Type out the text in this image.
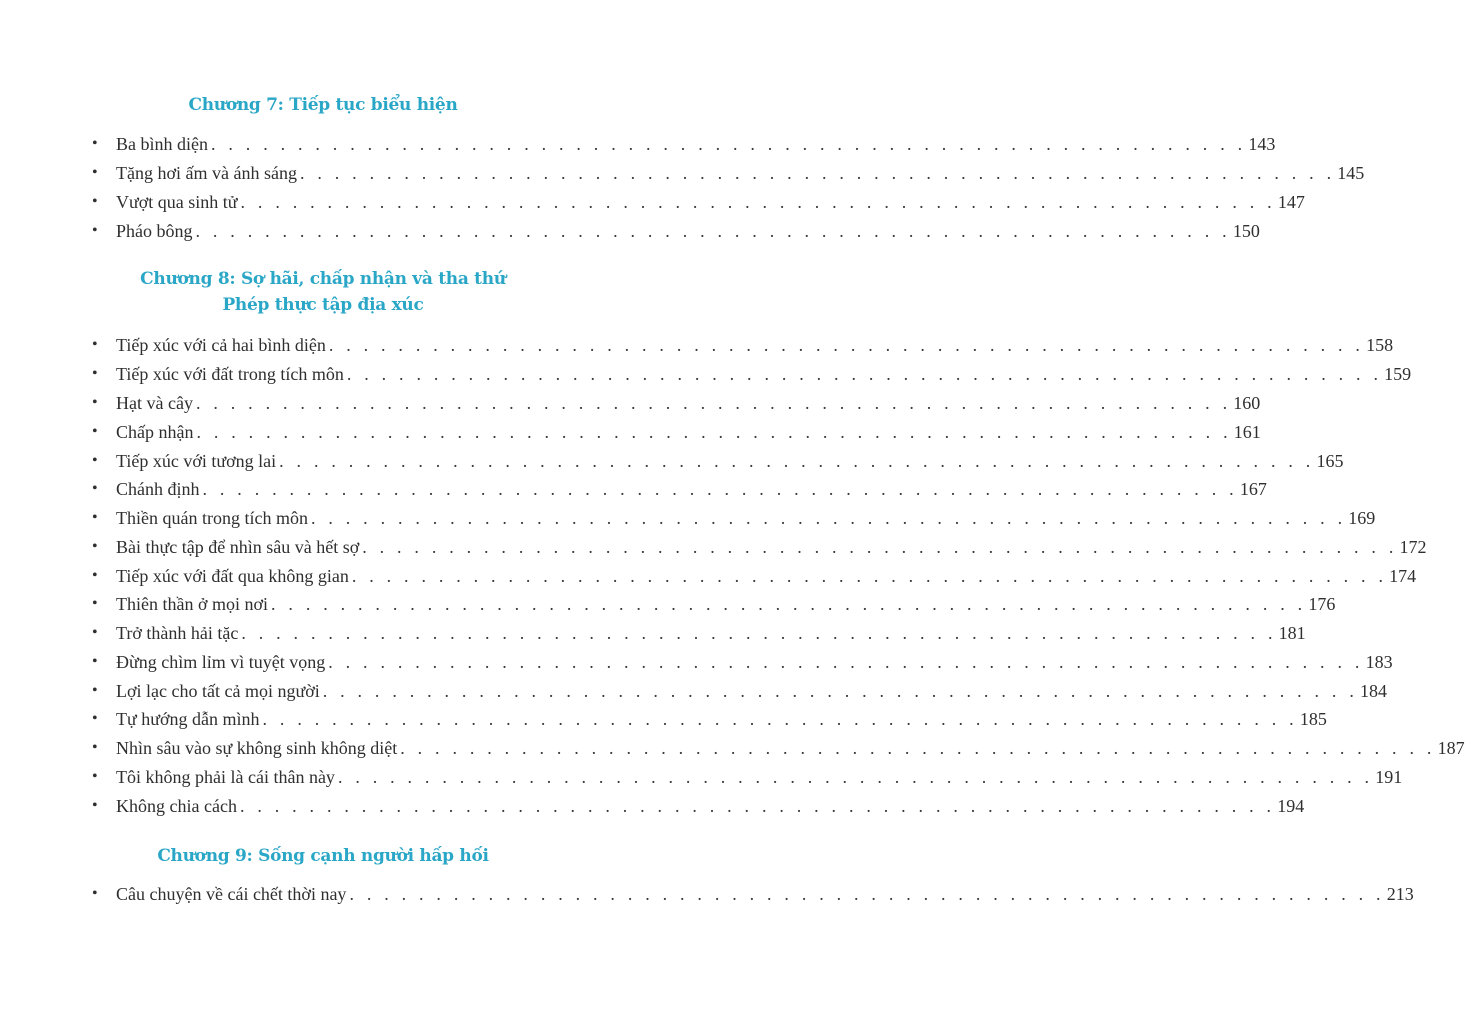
Chương 7: Tiếp tục biểu hiện
•	Ba bình diện . . . . . . . . . . . . . . . . . . . . . . . . . . . . . . . . . . . . . . . . . . . . . . . . . . . . . . . . . . . . 143
•	Tặng hơi ấm và ánh sáng . . . . . . . . . . . . . . . . . . . . . . . . . . . . . . . . . . . . . . . . . . . . . . . . . . . . . . . . . . . . 145
•	Vượt qua sinh tử . . . . . . . . . . . . . . . . . . . . . . . . . . . . . . . . . . . . . . . . . . . . . . . . . . . . . . . . . . . . 147
•	Pháo bông . . . . . . . . . . . . . . . . . . . . . . . . . . . . . . . . . . . . . . . . . . . . . . . . . . . . . . . . . . . . 150
Chương 8: Sợ hãi, chấp nhận và tha thứ
Phép thực tập địa xúc
•	Tiếp xúc với cả hai bình diện . . . . . . . . . . . . . . . . . . . . . . . . . . . . . . . . . . . . . . . . . . . . . . . . . . . . . . . . . . . . 158
•	Tiếp xúc với đất trong tích môn . . . . . . . . . . . . . . . . . . . . . . . . . . . . . . . . . . . . . . . . . . . . . . . . . . . . . . . . . . . . 159
•	Hạt và cây . . . . . . . . . . . . . . . . . . . . . . . . . . . . . . . . . . . . . . . . . . . . . . . . . . . . . . . . . . . . 160
•	Chấp nhận . . . . . . . . . . . . . . . . . . . . . . . . . . . . . . . . . . . . . . . . . . . . . . . . . . . . . . . . . . . . 161
•	Tiếp xúc với tương lai . . . . . . . . . . . . . . . . . . . . . . . . . . . . . . . . . . . . . . . . . . . . . . . . . . . . . . . . . . . . 165
•	Chánh định . . . . . . . . . . . . . . . . . . . . . . . . . . . . . . . . . . . . . . . . . . . . . . . . . . . . . . . . . . . . 167
•	Thiền quán trong tích môn . . . . . . . . . . . . . . . . . . . . . . . . . . . . . . . . . . . . . . . . . . . . . . . . . . . . . . . . . . . . 169
•	Bài thực tập để nhìn sâu và hết sợ . . . . . . . . . . . . . . . . . . . . . . . . . . . . . . . . . . . . . . . . . . . . . . . . . . . . . . . . . . . . 172
•	Tiếp xúc với đất qua không gian . . . . . . . . . . . . . . . . . . . . . . . . . . . . . . . . . . . . . . . . . . . . . . . . . . . . . . . . . . . . 174
•	Thiên thần ở mọi nơi . . . . . . . . . . . . . . . . . . . . . . . . . . . . . . . . . . . . . . . . . . . . . . . . . . . . . . . . . . . . 176
•	Trở thành hải tặc . . . . . . . . . . . . . . . . . . . . . . . . . . . . . . . . . . . . . . . . . . . . . . . . . . . . . . . . . . . . 181
•	Đừng chìm lỉm vì tuyệt vọng . . . . . . . . . . . . . . . . . . . . . . . . . . . . . . . . . . . . . . . . . . . . . . . . . . . . . . . . . . . . 183
•	Lợi lạc cho tất cả mọi người . . . . . . . . . . . . . . . . . . . . . . . . . . . . . . . . . . . . . . . . . . . . . . . . . . . . . . . . . . . . 184
•	Tự hướng dẫn mình . . . . . . . . . . . . . . . . . . . . . . . . . . . . . . . . . . . . . . . . . . . . . . . . . . . . . . . . . . . . 185
•	Nhìn sâu vào sự không sinh không diệt . . . . . . . . . . . . . . . . . . . . . . . . . . . . . . . . . . . . . . . . . . . . . . . . . . . . . . . . . . . . 187
•	Tôi không phải là cái thân này . . . . . . . . . . . . . . . . . . . . . . . . . . . . . . . . . . . . . . . . . . . . . . . . . . . . . . . . . . . . 191
•	Không chia cách . . . . . . . . . . . . . . . . . . . . . . . . . . . . . . . . . . . . . . . . . . . . . . . . . . . . . . . . . . . . 194
Chương 9: Sống cạnh người hấp hối
•	Câu chuyện về cái chết thời nay . . . . . . . . . . . . . . . . . . . . . . . . . . . . . . . . . . . . . . . . . . . . . . . . . . . . . . . . . . . . 213
